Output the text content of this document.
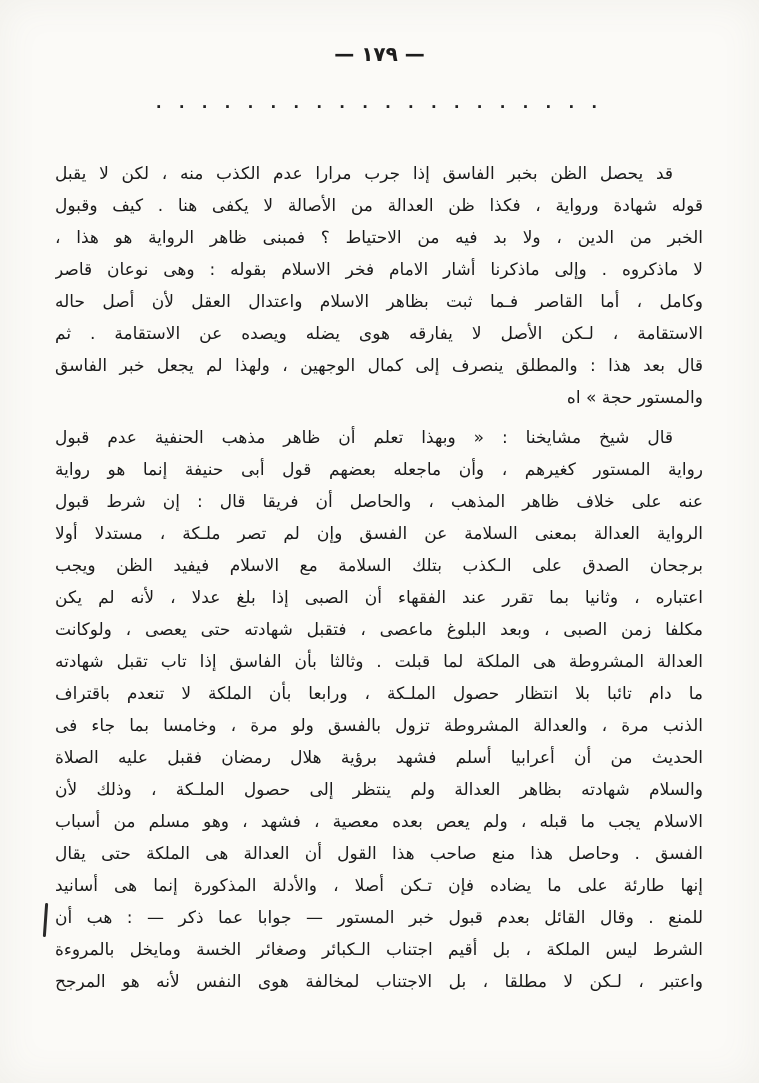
— ١٧٩ —
. . . . . . . . . . . . . . . . . . . .
قد يحصل الظن بخبر الفاسق إذا جرب مرارا عدم الكذب منه ، لكن لا يقبل
قوله شهادة ورواية ، فكذا ظن العدالة من الأصالة لا يكفى هنا . كيف وقبول
الخبر من الدين ، ولا بد فيه من الاحتياط ؟ فمبنى ظاهر الرواية هو هذا ،
لا ماذكروه . وإلى ماذكرنا أشار الامام فخر الاسلام بقوله : وهى نوعان قاصر
وكامل ، أما القاصر فـما ثبت بظاهر الاسلام واعتدال العقل لأن أصل حاله
الاستقامة ، لـكن الأصل لا يفارقه هوى يضله ويصده عن الاستقامة . ثم
قال بعد هذا : والمطلق ينصرف إلى كمال الوجهين ، ولهذا لم يجعل خبر الفاسق
والمستور حجة » اه
قال شيخ مشايخنا : « وبهذا تعلم أن ظاهر مذهب الحنفية عدم قبول
رواية المستور كغيرهم ، وأن ماجعله بعضهم قول أبى حنيفة إنما هو رواية
عنه على خلاف ظاهر المذهب ، والحاصل أن فريقا قال : إن شرط قبول
الرواية العدالة بمعنى السلامة عن الفسق وإن لم تصر ملـكة ، مستدلا أولا
برجحان الصدق على الـكذب بتلك السلامة مع الاسلام فيفيد الظن ويجب
اعتباره ، وثانيا بما تقرر عند الفقهاء أن الصبى إذا بلغ عدلا ، لأنه لم يكن
مكلفا زمن الصبى ، وبعد البلوغ ماعصى ، فتقبل شهادته حتى يعصى ، ولوكانت
العدالة المشروطة هى الملكة لما قبلت . وثالثا بأن الفاسق إذا تاب تقبل شهادته
ما دام تائبا بلا انتظار حصول الملـكة ، ورابعا بأن الملكة لا تنعدم باقتراف
الذنب مرة ، والعدالة المشروطة تزول بالفسق ولو مرة ، وخامسا بما جاء فى
الحديث من أن أعرابيا أسلم فشهد برؤية هلال رمضان فقبل عليه الصلاة
والسلام شهادته بظاهر العدالة ولم ينتظر إلى حصول الملـكة ، وذلك لأن
الاسلام يجب ما قبله ، ولم يعص بعده معصية ، فشهد ، وهو مسلم من أسباب
الفسق . وحاصل هذا منع صاحب هذا القول أن العدالة هى الملكة حتى يقال
إنها طارئة على ما يضاده فإن تـكن أصلا ، والأدلة المذكورة إنما هى أسانيد
للمنع . وقال القائل بعدم قبول خبر المستور — جوابا عما ذكر — : هب أن
الشرط ليس الملكة ، بل أقيم اجتناب الـكبائر وصغائر الخسة ومايخل بالمروءة
واعتبر ، لـكن لا مطلقا ، بل الاجتناب لمخالفة هوى النفس لأنه هو المرجح
